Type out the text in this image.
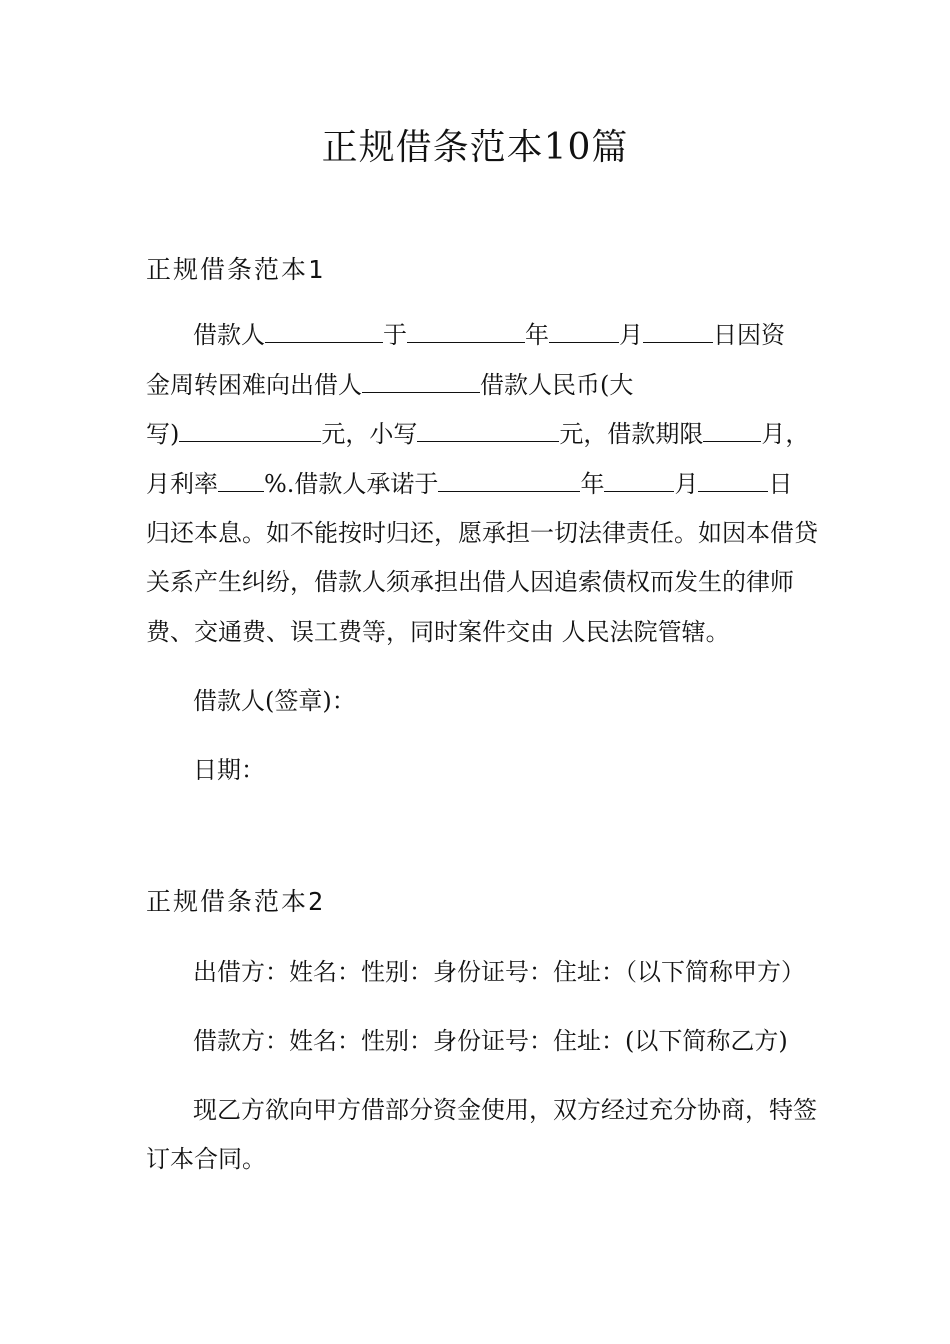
正规借条范本10篇
正规借条范本1
借款人	于	年	月	日因资
金周转困难向出借人	借款人民币(大
写)	元，小写	元，借款期限 月，
月利率 %.借款人承诺于	年	月	日
归还本息。如不能按时归还，愿承担一切法律责任。如因本借贷
关系产生纠纷，借款人须承担出借人因追索债权而发生的律师
费、交通费、误工费等，同时案件交由 人民法院管辖。
借款人(签章)：
日期：
正规借条范本2
出借方：姓名：性别：身份证号：住址：（以下简称甲方）
借款方：姓名：性别：身份证号：住址：(以下简称乙方)
现乙方欲向甲方借部分资金使用，双方经过充分协商，特签
订本合同。
